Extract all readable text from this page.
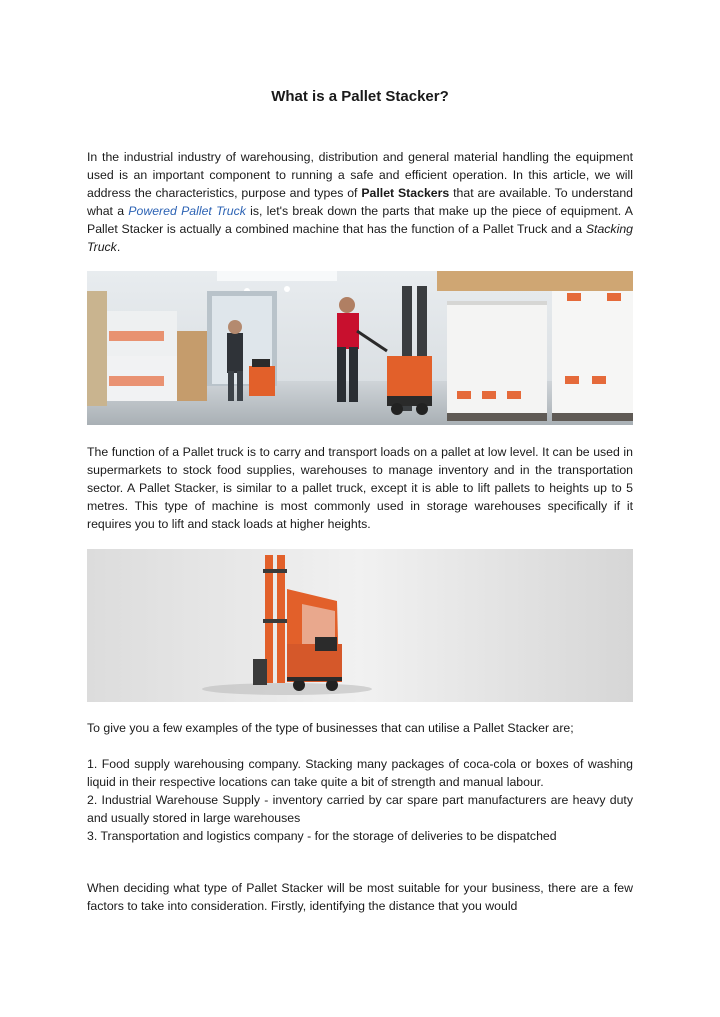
What is a Pallet Stacker?
In the industrial industry of warehousing, distribution and general material handling the equipment used is an important component to running a safe and efficient operation. In this article, we will address the characteristics, purpose and types of Pallet Stackers that are available. To understand what a Powered Pallet Truck is, let's break down the parts that make up the piece of equipment. A Pallet Stacker is actually a combined machine that has the function of a Pallet Truck and a Stacking Truck.
The function of a Pallet truck is to carry and transport loads on a pallet at low level. It can be used in supermarkets to stock food supplies, warehouses to manage inventory and in the transportation sector. A Pallet Stacker, is similar to a pallet truck, except it is able to lift pallets to heights up to 5 metres. This type of machine is most commonly used in storage warehouses specifically if it requires you to lift and stack loads at higher heights.
To give you a few examples of the type of businesses that can utilise a Pallet Stacker are;

1. Food supply warehousing company. Stacking many packages of coca-cola or boxes of washing liquid in their respective locations can take quite a bit of strength and manual labour.

2. Industrial Warehouse Supply - inventory carried by car spare part manufacturers are heavy duty and usually stored in large warehouses

3. Transportation and logistics company - for the storage of deliveries to be dispatched

When deciding what type of Pallet Stacker will be most suitable for your business, there are a few factors to take into consideration. Firstly, identifying the distance that you would
